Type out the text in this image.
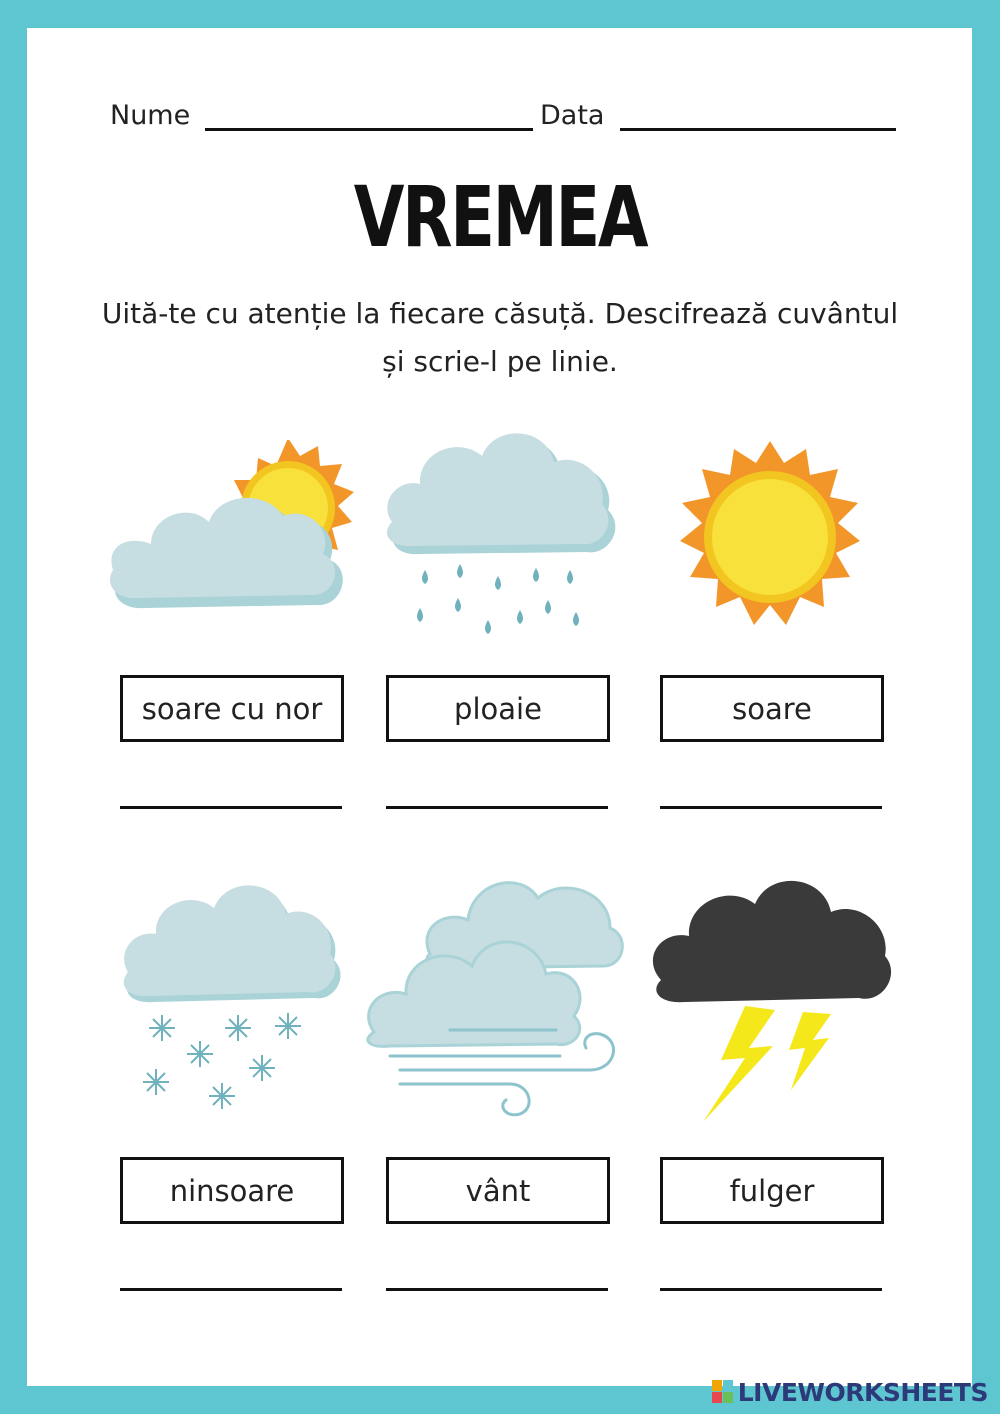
Nume	Data
VREMEA
Uită-te cu atenție la fiecare căsuță. Descifrează cuvântul și scrie-l pe linie.
soare cu nor	ploaie	soare
ninsoare	vânt	fulger
LIVEWORKSHEETS
